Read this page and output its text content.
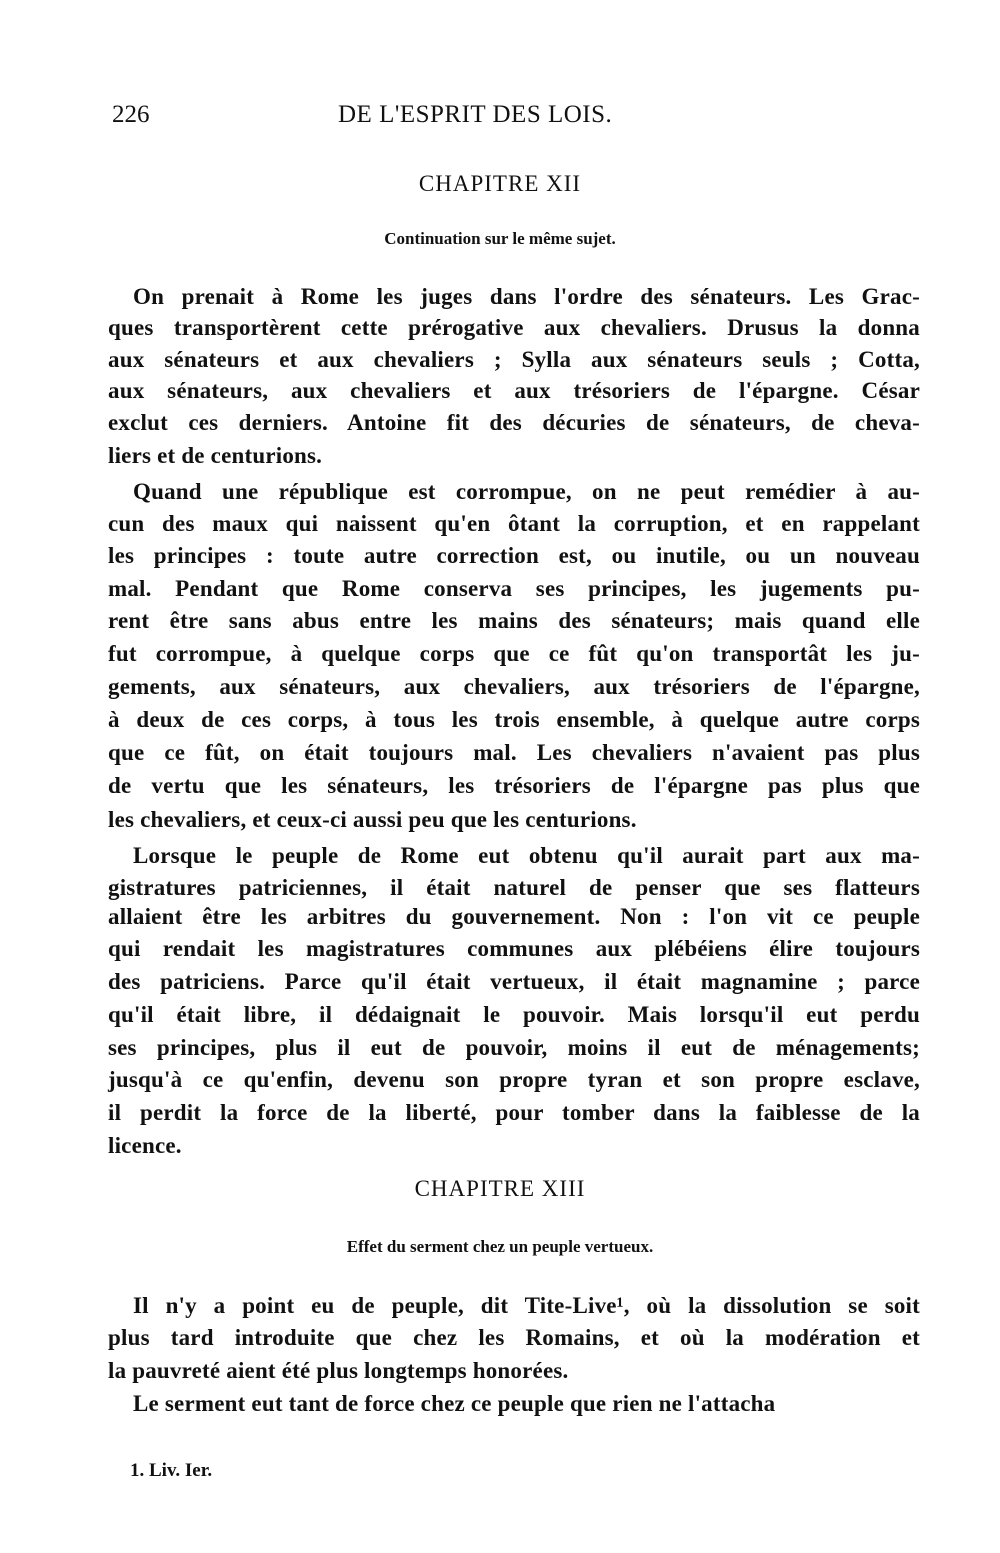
226	DE L'ESPRIT DES LOIS.
CHAPITRE XII
Continuation sur le même sujet.
CHAPITRE XIII
Effet du serment chez un peuple vertueux.
On prenait à Rome les juges dans l'ordre des sénateurs. Les Grac-
ques transportèrent cette prérogative aux chevaliers. Drusus la donna
aux sénateurs et aux chevaliers ; Sylla aux sénateurs seuls ; Cotta,
aux sénateurs, aux chevaliers et aux trésoriers de l'épargne. César
exclut ces derniers. Antoine fit des décuries de sénateurs, de cheva-
liers et de centurions.
Quand une république est corrompue, on ne peut remédier à au-
cun des maux qui naissent qu'en ôtant la corruption, et en rappelant
les principes : toute autre correction est, ou inutile, ou un nouveau
mal. Pendant que Rome conserva ses principes, les jugements pu-
rent être sans abus entre les mains des sénateurs; mais quand elle
fut corrompue, à quelque corps que ce fût qu'on transportât les ju-
gements, aux sénateurs, aux chevaliers, aux trésoriers de l'épargne,
à deux de ces corps, à tous les trois ensemble, à quelque autre corps
que ce fût, on était toujours mal. Les chevaliers n'avaient pas plus
de vertu que les sénateurs, les trésoriers de l'épargne pas plus que
les chevaliers, et ceux-ci aussi peu que les centurions.
Lorsque le peuple de Rome eut obtenu qu'il aurait part aux ma-
gistratures patriciennes, il était naturel de penser que ses flatteurs
allaient être les arbitres du gouvernement. Non : l'on vit ce peuple
qui rendait les magistratures communes aux plébéiens élire toujours
des patriciens. Parce qu'il était vertueux, il était magnamine ; parce
qu'il était libre, il dédaignait le pouvoir. Mais lorsqu'il eut perdu
ses principes, plus il eut de pouvoir, moins il eut de ménagements;
jusqu'à ce qu'enfin, devenu son propre tyran et son propre esclave,
il perdit la force de la liberté, pour tomber dans la faiblesse de la
licence.
Il n'y a point eu de peuple, dit Tite-Live¹, où la dissolution se soit
plus tard introduite que chez les Romains, et où la modération et
la pauvreté aient été plus longtemps honorées.
Le serment eut tant de force chez ce peuple que rien ne l'attacha
1. Liv. Ier.
